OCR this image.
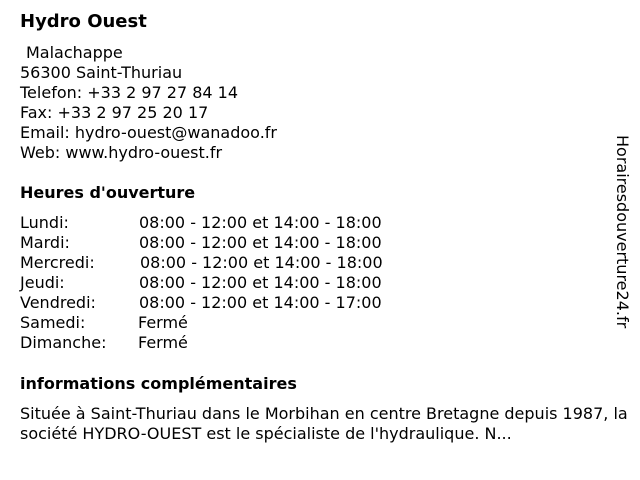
Hydro Ouest
Malachappe
56300 Saint-Thuriau
Telefon: +33 2 97 27 84 14
Fax: +33 2 97 25 20 17
Email: hydro-ouest@wanadoo.fr
Web: www.hydro-ouest.fr
Heures d'ouverture
Lundi:	08:00 - 12:00 et 14:00 - 18:00
Mardi:	08:00 - 12:00 et 14:00 - 18:00
Mercredi:	08:00 - 12:00 et 14:00 - 18:00
Jeudi:	08:00 - 12:00 et 14:00 - 18:00
Vendredi:	08:00 - 12:00 et 14:00 - 17:00
Samedi:	Fermé
Dimanche: Fermé
informations complémentaires
Située à Saint-Thuriau dans le Morbihan en centre Bretagne depuis 1987, la société HYDRO-OUEST est le spécialiste de l'hydraulique. N...
Horairesdouverture24.fr
